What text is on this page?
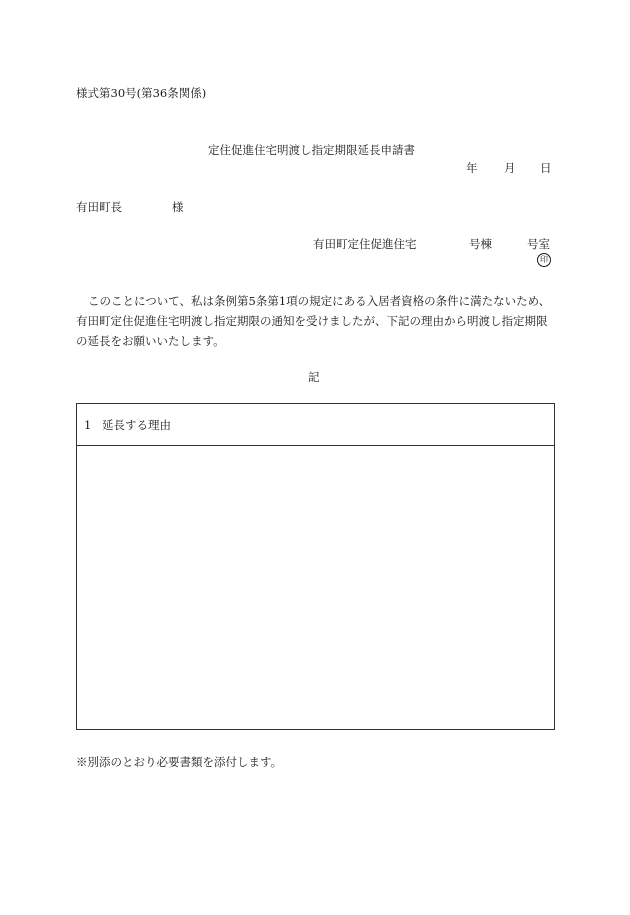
様式第30号(第36条関係)
定住促進住宅明渡し指定期限延長申請書
年	月	日
有田町長	様
有田町定住促進住宅	号棟	号室
印
このことについて、私は条例第5条第1項の規定にある入居者資格の条件に満たないため、有田町定住促進住宅明渡し指定期限の通知を受けましたが、下記の理由から明渡し指定期限の延長をお願いいたします。
記
1 延長する理由
※別添のとおり必要書類を添付します。
